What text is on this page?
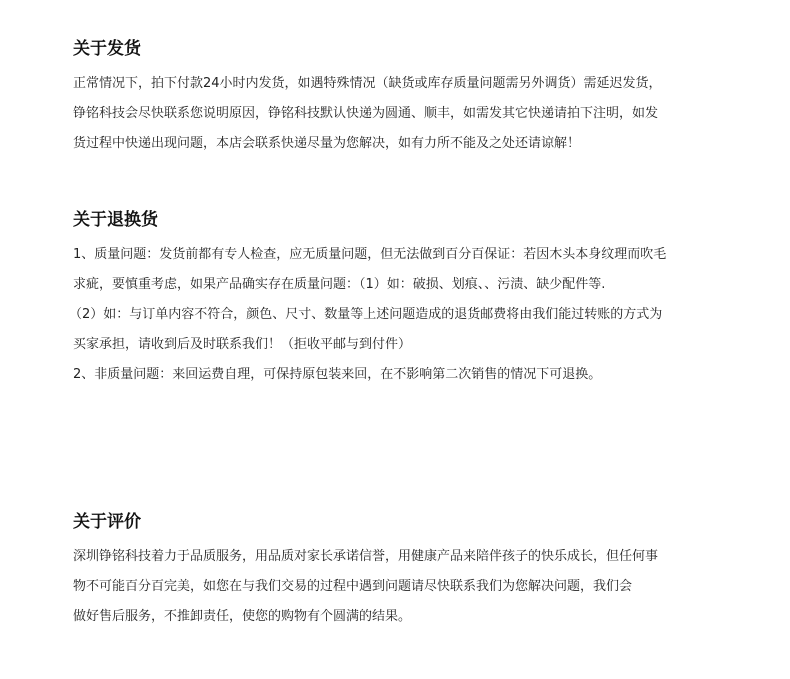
关于发货
正常情况下，拍下付款24小时内发货，如遇特殊情况（缺货或库存质量问题需另外调货）需延迟发货，
铮铭科技会尽快联系您说明原因，铮铭科技默认快递为圆通、顺丰，如需发其它快递请拍下注明，如发
货过程中快递出现问题，本店会联系快递尽量为您解决，如有力所不能及之处还请谅解！
关于退换货
1、质量问题：发货前都有专人检查，应无质量问题，但无法做到百分百保证：若因木头本身纹理而吹毛
求疵，要慎重考虑，如果产品确实存在质量问题：（1）如：破损、划痕、、污渍、缺少配件等.
（2）如：与订单内容不符合，颜色、尺寸、数量等上述问题造成的退货邮费将由我们能过转账的方式为
买家承担，请收到后及时联系我们！（拒收平邮与到付件）
2、非质量问题：来回运费自理，可保持原包装来回，在不影响第二次销售的情况下可退换。
关于评价
深圳铮铭科技着力于品质服务，用品质对家长承诺信誉，用健康产品来陪伴孩子的快乐成长，但任何事
物不可能百分百完美，如您在与我们交易的过程中遇到问题请尽快联系我们为您解决问题，我们会
做好售后服务，不推卸责任，使您的购物有个圆满的结果。
